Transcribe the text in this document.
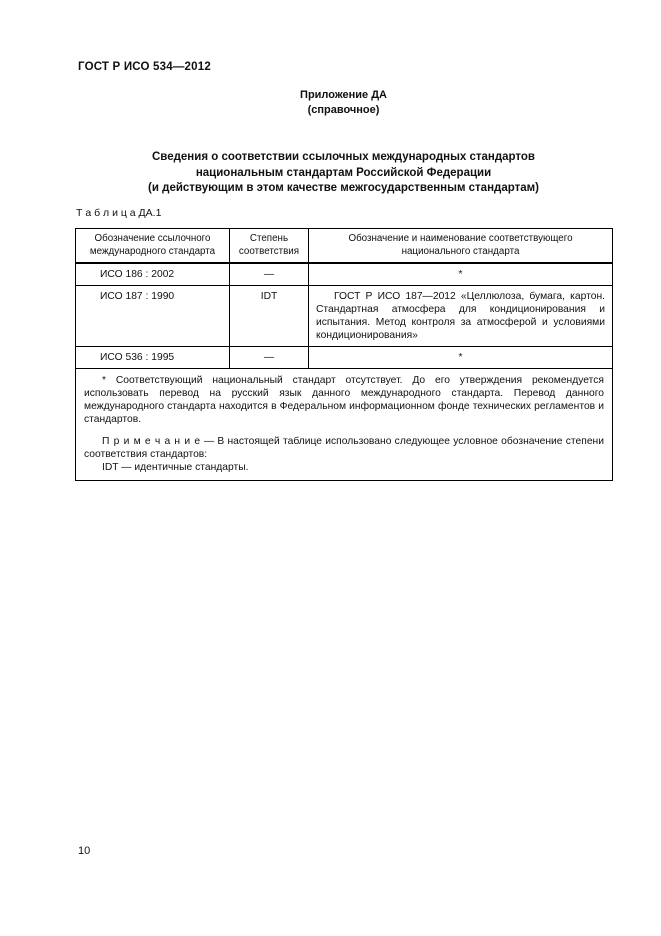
ГОСТ Р ИСО 534—2012
Приложение ДА
(справочное)
Сведения о соответствии ссылочных международных стандартов
национальным стандартам Российской Федерации
(и действующим в этом качестве межгосударственным стандартам)
Т а б л и ц а ДА.1
Обозначение ссылочного международного стандарта	Степень соответствия	Обозначение и наименование соответствующего национального стандарта
ИСО 186 : 2002	—	*
ИСО 187 : 1990	IDT	ГОСТ Р ИСО 187—2012 «Целлюлоза, бумага, картон. Стандартная атмосфера для кондиционирования и испытания. Метод контроля за атмосферой и условиями кондиционирования»
ИСО 536 : 1995	—	*

* Соответствующий национальный стандарт отсутствует. До его утверждения рекомендуется использовать перевод на русский язык данного международного стандарта. Перевод данного международного стандарта находится в Федеральном информационном фонде технических регламентов и стандартов.
П р и м е ч а н и е — В настоящей таблице использовано следующее условное обозначение степени соответствия стандартов:
IDT — идентичные стандарты.		
10
